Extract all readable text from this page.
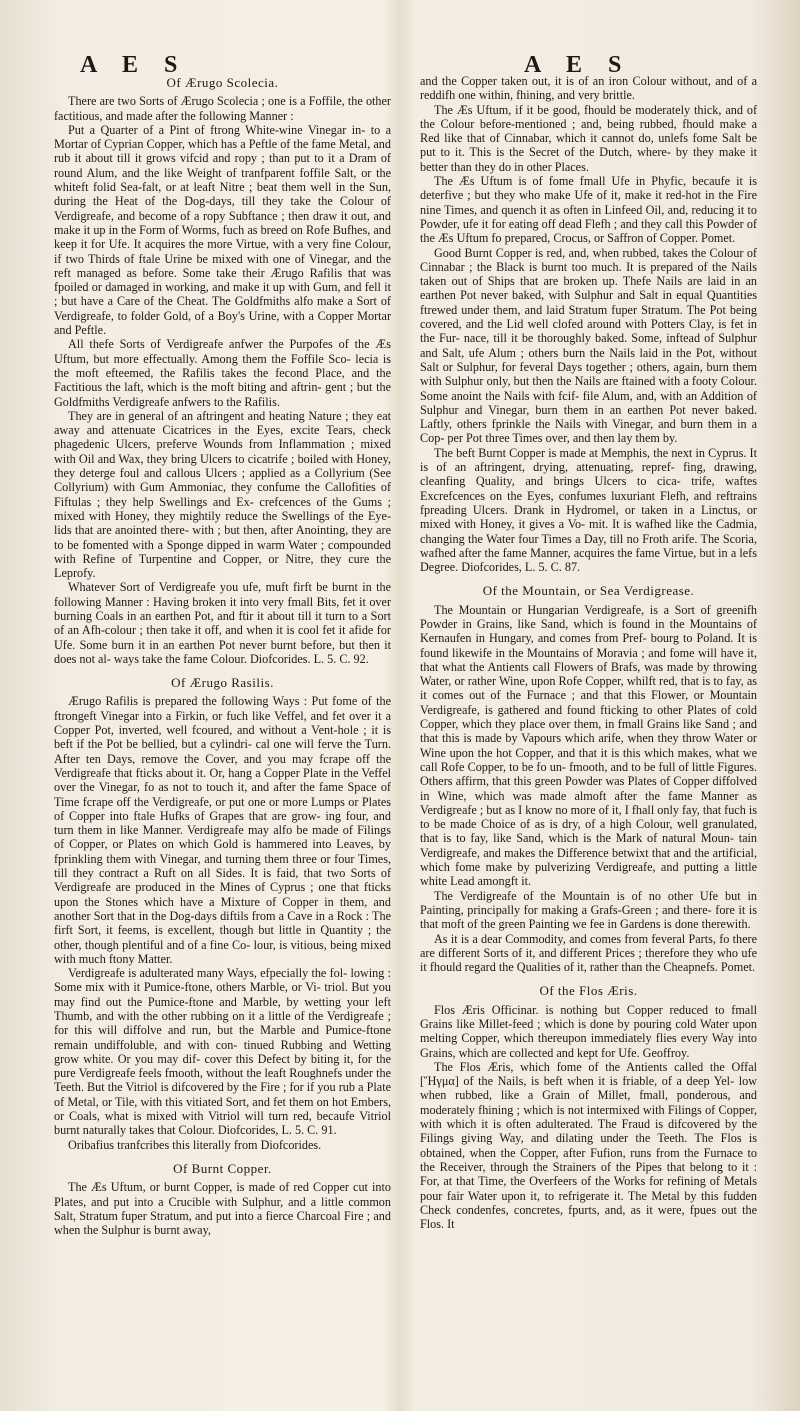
A E S	A E S
Of Ærugo Scolecia.

There are two Sorts of Ærugo Scolecia ; one is a Foffile, the other factitious, and made after the following Manner :

Put a Quarter of a Pint of ftrong White-wine Vinegar in- to a Mortar of Cyprian Copper, which has a Peftle of the fame Metal, and rub it about till it grows vifcid and ropy ; than put to it a Dram of round Alum, and the like Weight of tranfparent foffile Salt, or the whiteft folid Sea-falt, or at leaft Nitre ; beat them well in the Sun, during the Heat of the Dog-days, till they take the Colour of Verdigreafe, and become of a ropy Subftance ; then draw it out, and make it up in the Form of Worms, fuch as breed on Rofe Bufhes, and keep it for Ufe. It acquires the more Virtue, with a very fine Colour, if two Thirds of ftale Urine be mixed with one of Vinegar, and the reft managed as before. Some take their Ærugo Rafilis that was fpoiled or damaged in working, and make it up with Gum, and fell it ; but have a Care of the Cheat. The Goldfmiths alfo make a Sort of Verdigreafe, to folder Gold, of a Boy's Urine, with a Copper Mortar and Peftle.

All thefe Sorts of Verdigreafe anfwer the Purpofes of the Æs Uftum, but more effectually. Among them the Foffile Sco- lecia is the moft efteemed, the Rafilis takes the fecond Place, and the Factitious the laft, which is the moft biting and aftrin- gent ; but the Goldfmiths Verdigreafe anfwers to the Rafilis.

They are in general of an aftringent and heating Nature ; they eat away and attenuate Cicatrices in the Eyes, excite Tears, check phagedenic Ulcers, preferve Wounds from Inflammation ; mixed with Oil and Wax, they bring Ulcers to cicatrife ; boiled with Honey, they deterge foul and callous Ulcers ; applied as a Collyrium (See Collyrium) with Gum Ammoniac, they confume the Callofities of Fiftulas ; they help Swellings and Ex- crefcences of the Gums ; mixed with Honey, they mightily reduce the Swellings of the Eye-lids that are anointed there- with ; but then, after Anointing, they are to be fomented with a Sponge dipped in warm Water ; compounded with Refine of Turpentine and Copper, or Nitre, they cure the Leprofy.

Whatever Sort of Verdigreafe you ufe, muft firft be burnt in the following Manner : Having broken it into very fmall Bits, fet it over burning Coals in an earthen Pot, and ftir it about till it turn to a Sort of an Afh-colour ; then take it off, and when it is cool fet it afide for Ufe. Some burn it in an earthen Pot never burnt before, but then it does not al- ways take the fame Colour. Diofcorides. L. 5. C. 92.

Of Ærugo Rasilis.

Ærugo Rafilis is prepared the following Ways : Put fome of the ftrongeft Vinegar into a Firkin, or fuch like Veffel, and fet over it a Copper Pot, inverted, well fcoured, and without a Vent-hole ; it is beft if the Pot be bellied, but a cylindri- cal one will ferve the Turn. After ten Days, remove the Cover, and you may fcrape off the Verdigreafe that fticks about it. Or, hang a Copper Plate in the Veffel over the Vinegar, fo as not to touch it, and after the fame Space of Time fcrape off the Verdigreafe, or put one or more Lumps or Plates of Copper into ftale Hufks of Grapes that are grow- ing four, and turn them in like Manner. Verdigreafe may alfo be made of Filings of Copper, or Plates on which Gold is hammered into Leaves, by fprinkling them with Vinegar, and turning them three or four Times, till they contract a Ruft on all Sides. It is faid, that two Sorts of Verdigreafe are produced in the Mines of Cyprus ; one that fticks upon the Stones which have a Mixture of Copper in them, and another Sort that in the Dog-days diftils from a Cave in a Rock : The firft Sort, it feems, is excellent, though but little in Quantity ; the other, though plentiful and of a fine Co- lour, is vitious, being mixed with much ftony Matter.

Verdigreafe is adulterated many Ways, efpecially the fol- lowing : Some mix with it Pumice-ftone, others Marble, or Vi- triol. But you may find out the Pumice-ftone and Marble, by wetting your left Thumb, and with the other rubbing on it a little of the Verdigreafe ; for this will diffolve and run, but the Marble and Pumice-ftone remain undiffoluble, and with con- tinued Rubbing and Wetting grow white. Or you may dif- cover this Defect by biting it, for the pure Verdigreafe feels fmooth, without the leaft Roughnefs under the Teeth. But the Vitriol is difcovered by the Fire ; for if you rub a Plate of Metal, or Tile, with this vitiated Sort, and fet them on hot Embers, or Coals, what is mixed with Vitriol will turn red, becaufe Vitriol burnt naturally takes that Colour. Diofcorides, L. 5. C. 91.

Oribafius tranfcribes this literally from Diofcorides.

Of Burnt Copper.

The Æs Uftum, or burnt Copper, is made of red Copper cut into Plates, and put into a Crucible with Sulphur, and a little common Salt, Stratum fuper Stratum, and put into a fierce Charcoal Fire ; and when the Sulphur is burnt away,

and the Copper taken out, it is of an iron Colour without, and of a reddifh one within, fhining, and very brittle.

The Æs Uftum, if it be good, fhould be moderately thick, and of the Colour before-mentioned ; and, being rubbed, fhould make a Red like that of Cinnabar, which it cannot do, unlefs fome Salt be put to it. This is the Secret of the Dutch, where- by they make it better than they do in other Places.

The Æs Uftum is of fome fmall Ufe in Phyfic, becaufe it is deterfive ; but they who make Ufe of it, make it red-hot in the Fire nine Times, and quench it as often in Linfeed Oil, and, reducing it to Powder, ufe it for eating off dead Flefh ; and they call this Powder of the Æs Uftum fo prepared, Crocus, or Saffron of Copper. Pomet.

Good Burnt Copper is red, and, when rubbed, takes the Colour of Cinnabar ; the Black is burnt too much. It is prepared of the Nails taken out of Ships that are broken up. Thefe Nails are laid in an earthen Pot never baked, with Sulphur and Salt in equal Quantities ftrewed under them, and laid Stratum fuper Stratum. The Pot being covered, and the Lid well clofed around with Potters Clay, is fet in the Fur- nace, till it be thoroughly baked. Some, inftead of Sulphur and Salt, ufe Alum ; others burn the Nails laid in the Pot, without Salt or Sulphur, for feveral Days together ; others, again, burn them with Sulphur only, but then the Nails are ftained with a footy Colour. Some anoint the Nails with fcif- file Alum, and, with an Addition of Sulphur and Vinegar, burn them in an earthen Pot never baked. Laftly, others fprinkle the Nails with Vinegar, and burn them in a Cop- per Pot three Times over, and then lay them by.

The beft Burnt Copper is made at Memphis, the next in Cyprus. It is of an aftringent, drying, attenuating, repref- fing, drawing, cleanfing Quality, and brings Ulcers to cica- trife, waftes Excrefcences on the Eyes, confumes luxuriant Flefh, and reftrains fpreading Ulcers. Drank in Hydromel, or taken in a Linctus, or mixed with Honey, it gives a Vo- mit. It is wafhed like the Cadmia, changing the Water four Times a Day, till no Froth arife. The Scoria, wafhed after the fame Manner, acquires the fame Virtue, but in a lefs Degree. Diofcorides, L. 5. C. 87.

Of the Mountain, or Sea Verdigrease.

The Mountain or Hungarian Verdigreafe, is a Sort of greenifh Powder in Grains, like Sand, which is found in the Mountains of Kernaufen in Hungary, and comes from Pref- bourg to Poland. It is found likewife in the Mountains of Moravia ; and fome will have it, that what the Antients call Flowers of Brafs, was made by throwing Water, or rather Wine, upon Rofe Copper, whilft red, that is to fay, as it comes out of the Furnace ; and that this Flower, or Mountain Verdigreafe, is gathered and found fticking to other Plates of cold Copper, which they place over them, in fmall Grains like Sand ; and that this is made by Vapours which arife, when they throw Water or Wine upon the hot Copper, and that it is this which makes, what we call Rofe Copper, to be fo un- fmooth, and to be full of little Figures. Others affirm, that this green Powder was Plates of Copper diffolved in Wine, which was made almoft after the fame Manner as Verdigreafe ; but as I know no more of it, I fhall only fay, that fuch is to be made Choice of as is dry, of a high Colour, well granulated, that is to fay, like Sand, which is the Mark of natural Moun- tain Verdigreafe, and makes the Difference betwixt that and the artificial, which fome make by pulverizing Verdigreafe, and putting a little white Lead amongft it.

The Verdigreafe of the Mountain is of no other Ufe but in Painting, principally for making a Grafs-Green ; and there- fore it is that moft of the green Painting we fee in Gardens is done therewith.

As it is a dear Commodity, and comes from feveral Parts, fo there are different Sorts of it, and different Prices ; therefore they who ufe it fhould regard the Qualities of it, rather than the Cheapnefs. Pomet.

Of the Flos Æris.

Flos Æris Officinar. is nothing but Copper reduced to fmall Grains like Millet-feed ; which is done by pouring cold Water upon melting Copper, which thereupon immediately flies every Way into Grains, which are collected and kept for Ufe. Geoffroy.

The Flos Æris, which fome of the Antients called the Offal [Ἥγμα] of the Nails, is beft when it is friable, of a deep Yel- low when rubbed, like a Grain of Millet, fmall, ponderous, and moderately fhining ; which is not intermixed with Filings of Copper, with which it is often adulterated. The Fraud is difcovered by the Filings giving Way, and dilating under the Teeth. The Flos is obtained, when the Copper, after Fufion, runs from the Furnace to the Receiver, through the Strainers of the Pipes that belong to it : For, at that Time, the Overfeers of the Works for refining of Metals pour fair Water upon it, to refrigerate it. The Metal by this fudden Check condenfes, concretes, fpurts, and, as it were, fpues out the Flos. It
